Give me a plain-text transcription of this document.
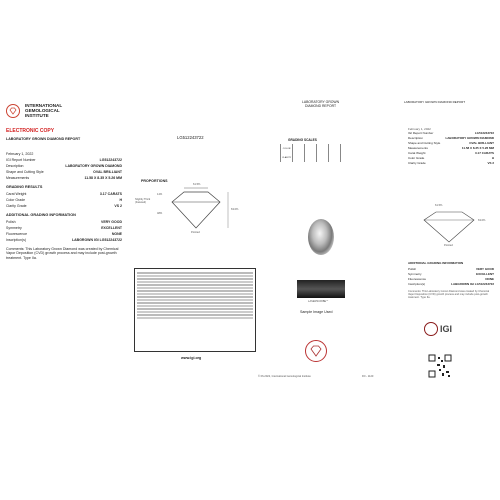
INTERNATIONAL
GEMOLOGICAL
INSTITUTE
ELECTRONIC COPY
LABORATORY GROWN DIAMOND REPORT
February 1, 2022
IGI Report Number	LG512243722
Description	LABORATORY GROWN DIAMOND
Shape and Cutting Style	OVAL BRILLIANT
Measurements	11.58 X 8.35 X 5.26 MM
GRADING RESULTS
Carat Weight	3.17 CARATS
Color Grade	H
Clarity Grade	VS 2
ADDITIONAL GRADING INFORMATION
Polish	VERY GOOD
Symmetry	EXCELLENT
Fluorescence	NONE
Inscription(s)	LABGROWN IGI LG512243722
Comments: This Laboratory Grown Diamond was created by Chemical Vapor Deposition (CVD) growth process and may include post-growth treatment. Type IIa.
LG512243722
PROPORTIONS
61.5%
63.0%
Slightly Thick (Faceted)
14%
48%
Pointed
www.igi.org
LABORATORY GROWN
DIAMOND REPORT
GRADING SCALES
COLOR					
CLARITY					
LASERSCRIBE℠
Sample Image Used
© 06-2022, International Gemological Institute	FD - 1120
LABORATORY GROWN DIAMOND REPORT
February 1, 2022
IGI Report Number	LG512243722
Description	LABORATORY GROWN DIAMOND
Shape and Cutting Style	OVAL BRILLIANT
Measurements	11.58 X 8.35 X 5.26 MM
Carat Weight	3.17 CARATS
Color Grade	H
Clarity Grade	VS 2
61.5%
63.0%
Pointed
ADDITIONAL GRADING INFORMATION
Polish	VERY GOOD
Symmetry	EXCELLENT
Fluorescence	NONE
Inscription(s)	LABGROWN IGI LG512243722
Comments: This Laboratory Grown Diamond was created by Chemical Vapor Deposition (CVD) growth process and may include post-growth treatment. Type IIa.
IGI
